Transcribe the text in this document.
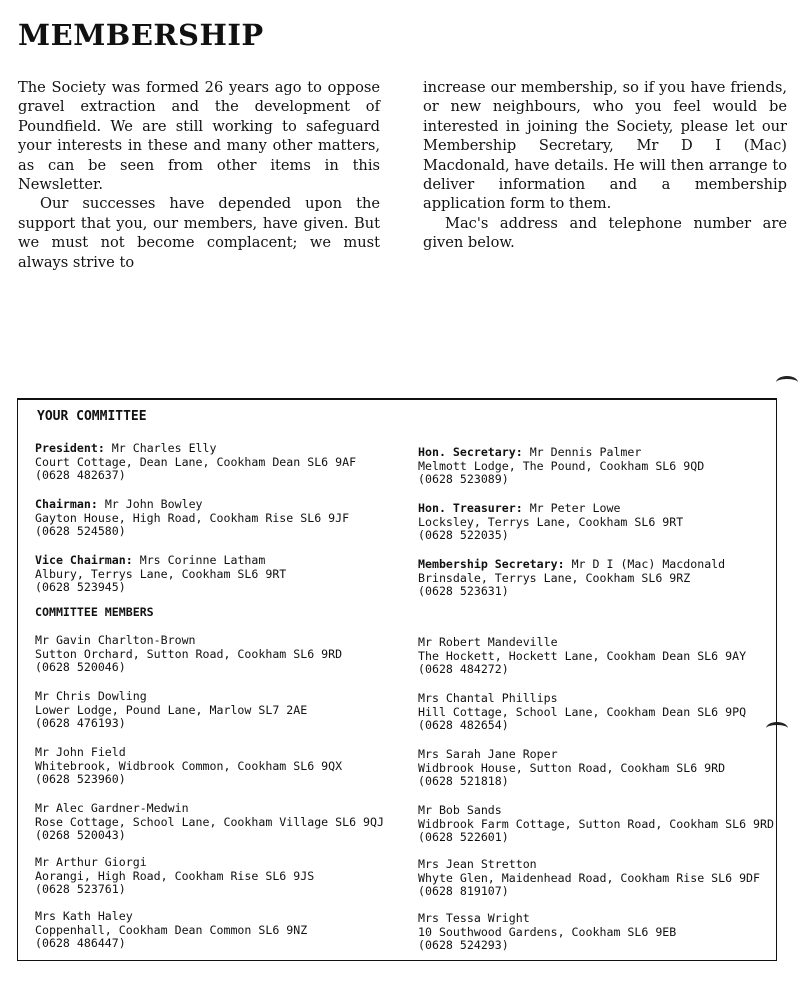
MEMBERSHIP

The Society was formed 26 years ago to oppose gravel extraction and the development of Poundfield. We are still working to safeguard your interests in these and many other matters, as can be seen from other items in this Newsletter.

Our successes have depended upon the support that you, our members, have given. But we must not become complacent; we must always strive to

increase our membership, so if you have friends, or new neighbours, who you feel would be interested in joining the Society, please let our Membership Secretary, Mr D I (Mac) Macdonald, have details. He will then arrange to deliver information and a membership application form to them.

Mac's address and telephone number are given below.

YOUR COMMITTEE
President: Mr Charles Elly
Court Cottage, Dean Lane, Cookham Dean SL6 9AF
(0628 482637)
Chairman: Mr John Bowley
Gayton House, High Road, Cookham Rise SL6 9JF
(0628 524580)
Vice Chairman: Mrs Corinne Latham
Albury, Terrys Lane, Cookham SL6 9RT
(0628 523945)
Hon. Secretary: Mr Dennis Palmer
Melmott Lodge, The Pound, Cookham SL6 9QD
(0628 523089)
Hon. Treasurer: Mr Peter Lowe
Locksley, Terrys Lane, Cookham SL6 9RT
(0628 522035)
Membership Secretary: Mr D I (Mac) Macdonald
Brinsdale, Terrys Lane, Cookham SL6 9RZ
(0628 523631)
COMMITTEE MEMBERS
Mr Gavin Charlton-Brown
Sutton Orchard, Sutton Road, Cookham SL6 9RD
(0628 520046)
Mr Chris Dowling
Lower Lodge, Pound Lane, Marlow SL7 2AE
(0628 476193)
Mr John Field
Whitebrook, Widbrook Common, Cookham SL6 9QX
(0628 523960)
Mr Alec Gardner-Medwin
Rose Cottage, School Lane, Cookham Village SL6 9QJ
(0268 520043)
Mr Arthur Giorgi
Aorangi, High Road, Cookham Rise SL6 9JS
(0628 523761)
Mrs Kath Haley
Coppenhall, Cookham Dean Common SL6 9NZ
(0628 486447)
Mr Robert Mandeville
The Hockett, Hockett Lane, Cookham Dean SL6 9AY
(0628 484272)
Mrs Chantal Phillips
Hill Cottage, School Lane, Cookham Dean SL6 9PQ
(0628 482654)
Mrs Sarah Jane Roper
Widbrook House, Sutton Road, Cookham SL6 9RD
(0628 521818)
Mr Bob Sands
Widbrook Farm Cottage, Sutton Road, Cookham SL6 9RD
(0628 522601)
Mrs Jean Stretton
Whyte Glen, Maidenhead Road, Cookham Rise SL6 9DF
(0628 819107)
Mrs Tessa Wright
10 Southwood Gardens, Cookham SL6 9EB
(0628 524293)
